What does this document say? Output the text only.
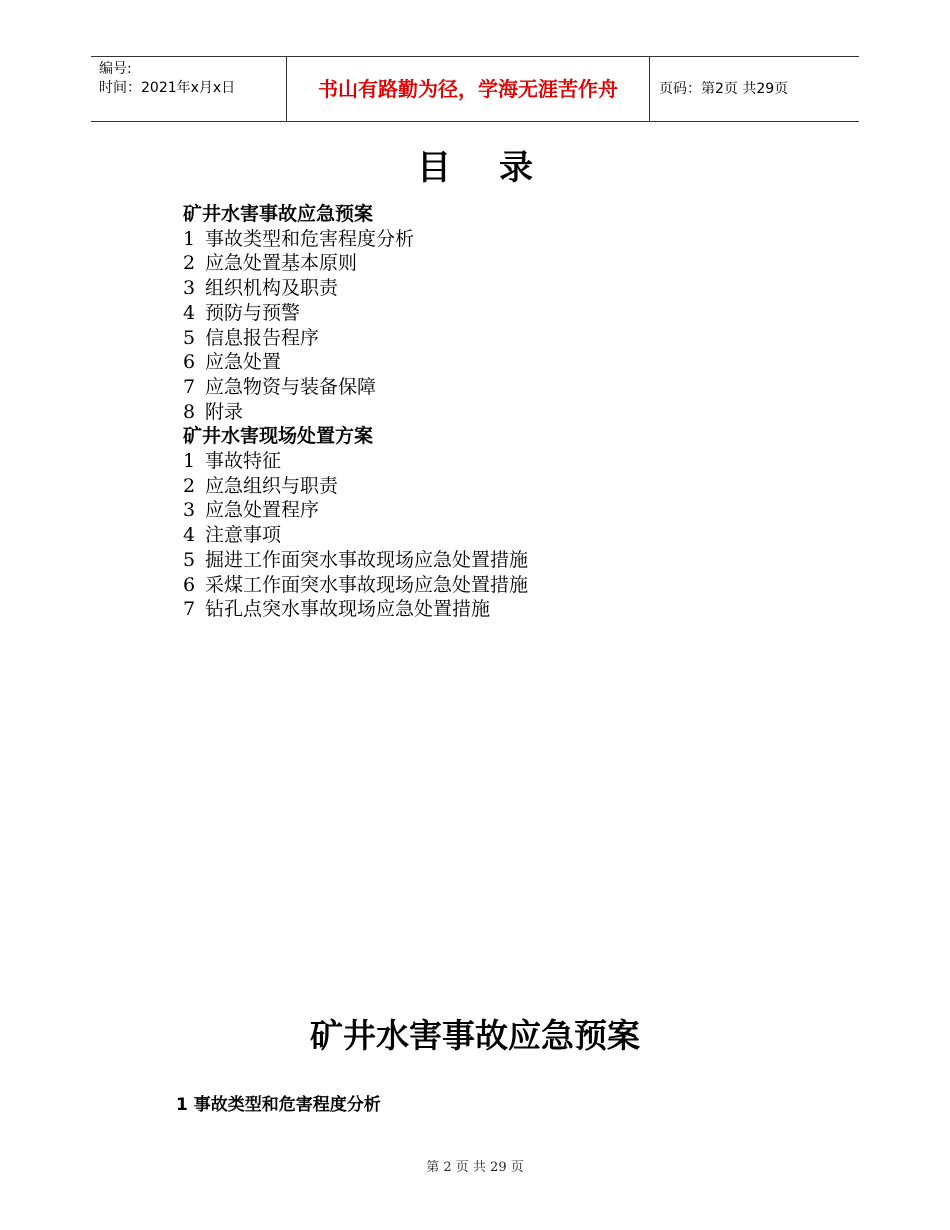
编号:
时间：2021年x月x日	书山有路勤为径，学海无涯苦作舟	页码：第2页 共29页
目 录
矿井水害事故应急预案
1 事故类型和危害程度分析
2 应急处置基本原则
3 组织机构及职责
4 预防与预警
5 信息报告程序
6 应急处置
7 应急物资与装备保障
8 附录
矿井水害现场处置方案
1 事故特征
2 应急组织与职责
3 应急处置程序
4 注意事项
5 掘进工作面突水事故现场应急处置措施
6 采煤工作面突水事故现场应急处置措施
7 钻孔点突水事故现场应急处置措施
矿井水害事故应急预案
1 事故类型和危害程度分析
第 2 页 共 29 页
